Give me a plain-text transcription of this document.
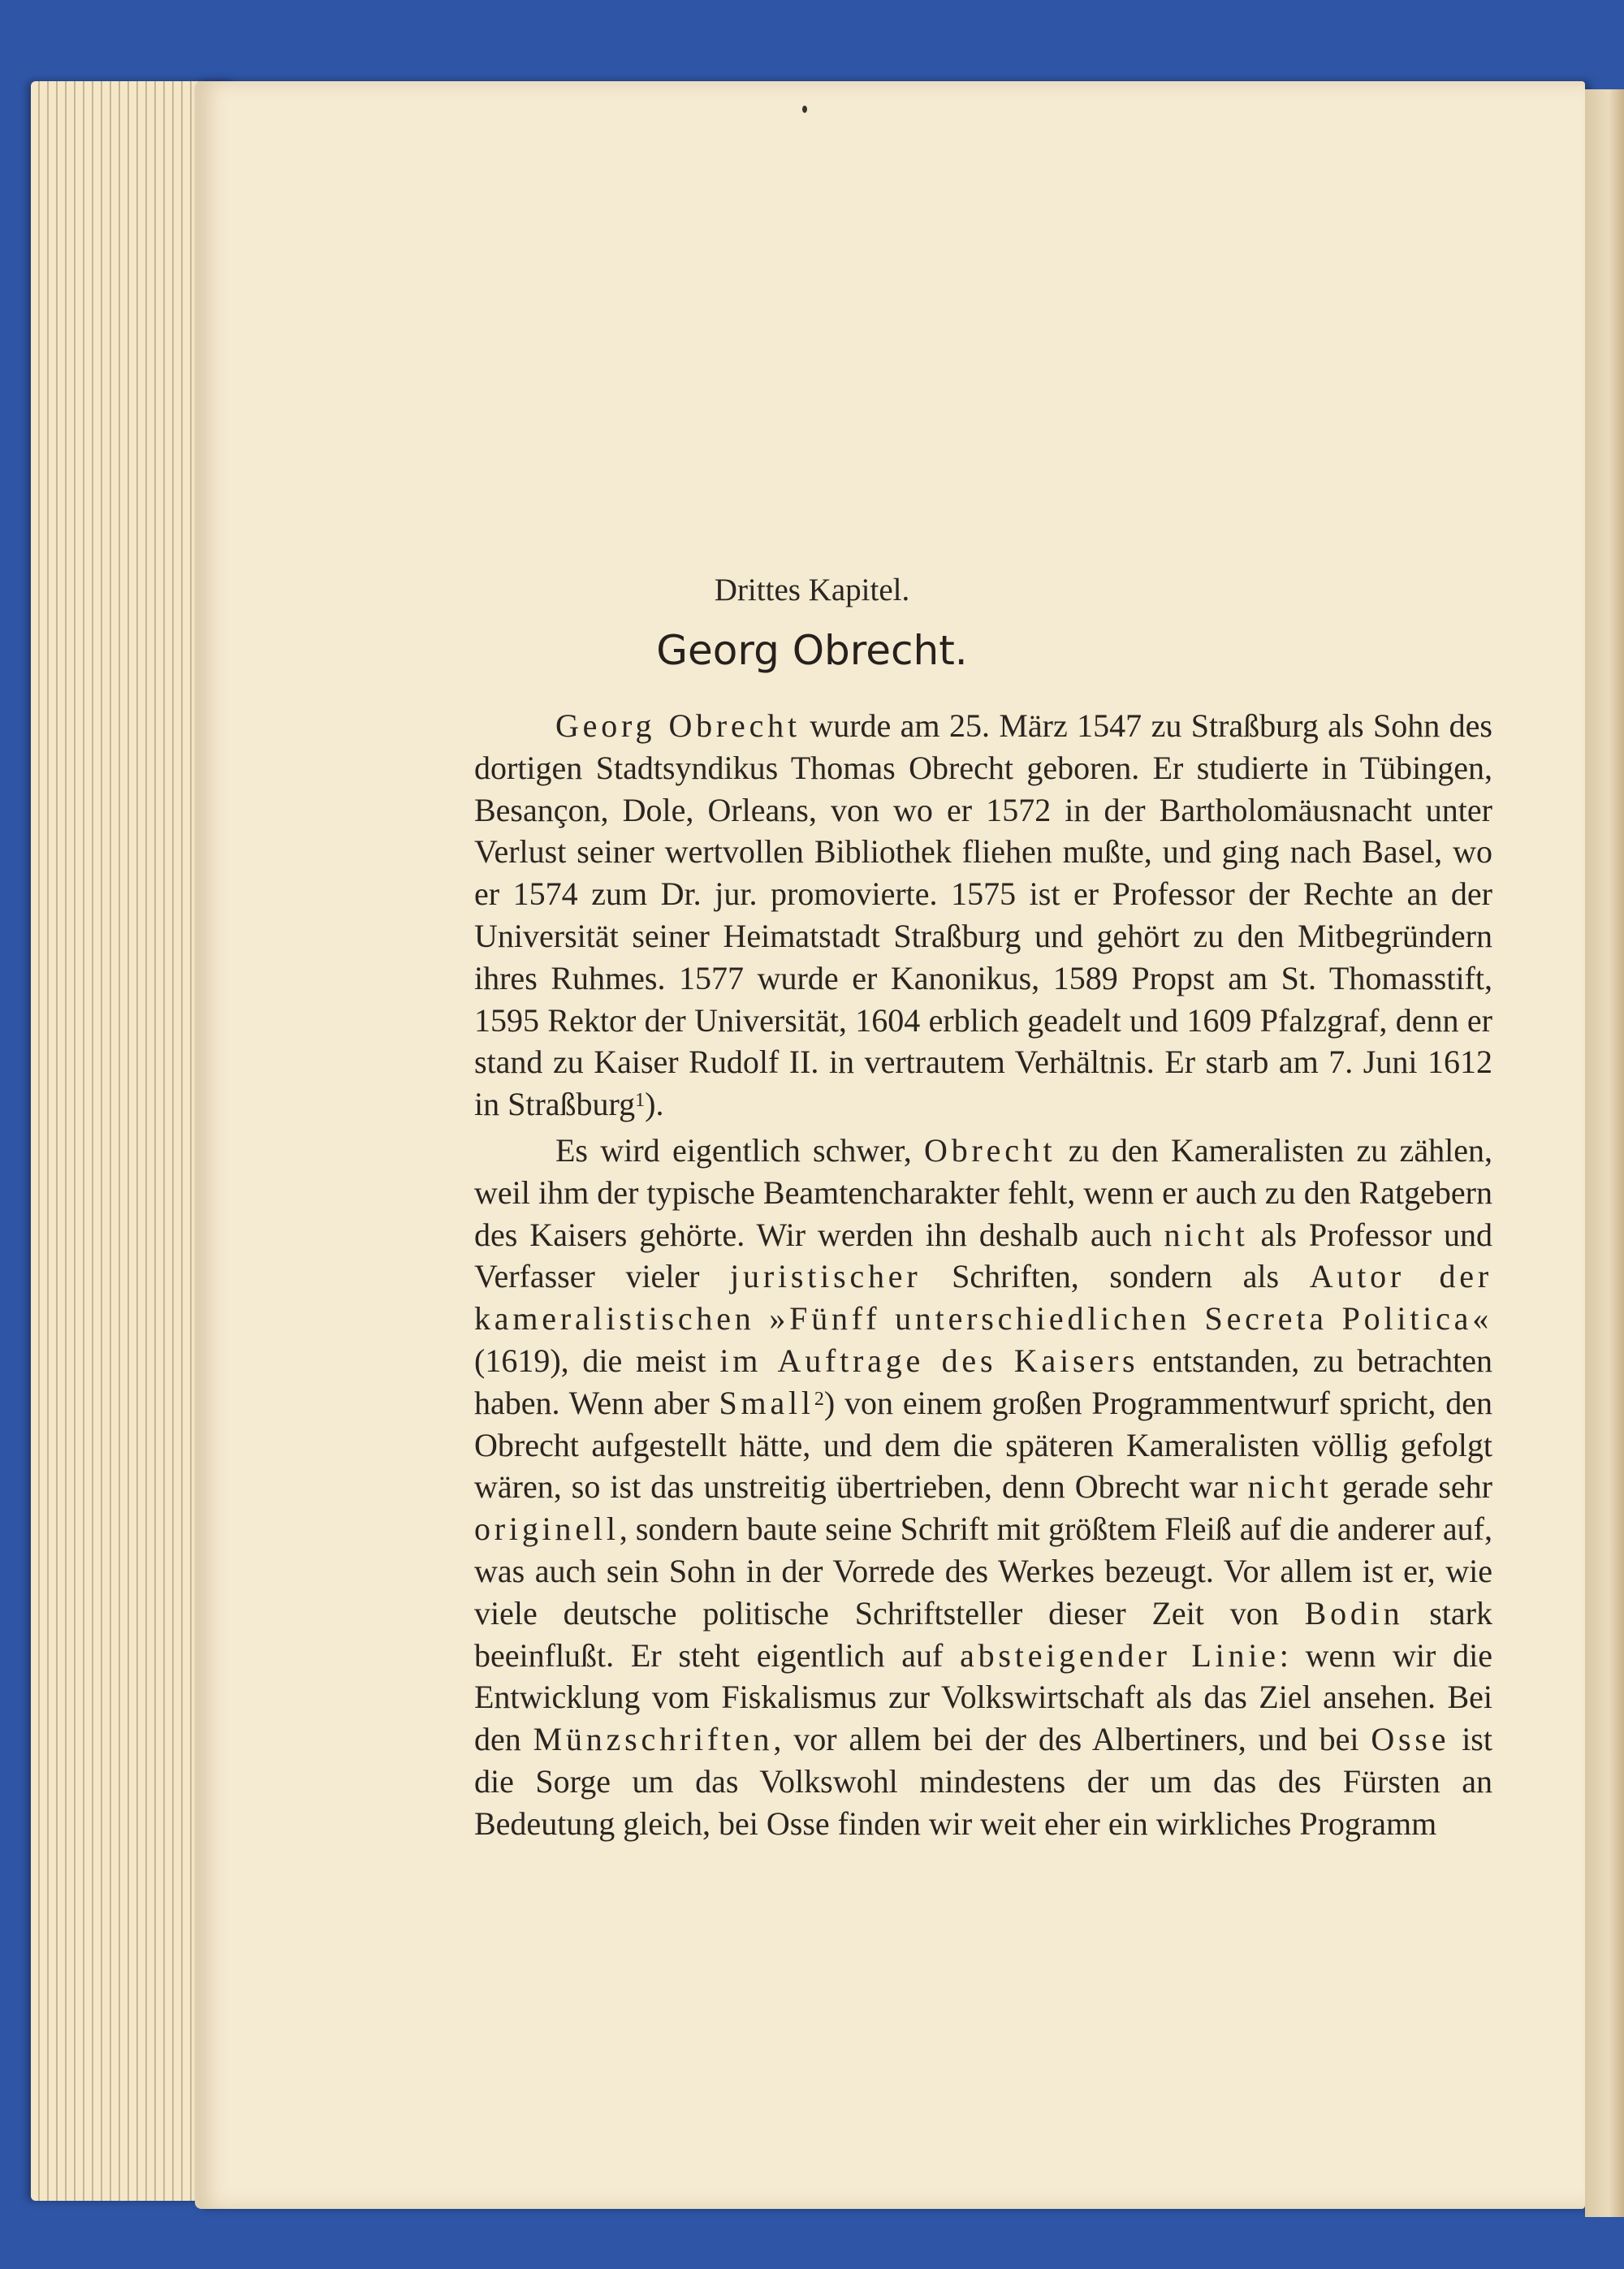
Drittes Kapitel.
Georg Obrecht.

Georg Obrecht wurde am 25. März 1547 zu Straßburg als Sohn des dortigen Stadtsyndikus Thomas Obrecht geboren. Er studierte in Tübingen, Besançon, Dole, Orleans, von wo er 1572 in der Bartholomäusnacht unter Verlust seiner wertvollen Bibliothek fliehen mußte, und ging nach Basel, wo er 1574 zum Dr. jur. promovierte. 1575 ist er Professor der Rechte an der Universität seiner Heimatstadt Straßburg und gehört zu den Mitbegründern ihres Ruhmes. 1577 wurde er Kanonikus, 1589 Propst am St. Thomasstift, 1595 Rektor der Universität, 1604 erblich geadelt und 1609 Pfalzgraf, denn er stand zu Kaiser Rudolf II. in vertrautem Verhältnis. Er starb am 7. Juni 1612 in Straßburg$^1$).

Es wird eigentlich schwer, Obrecht zu den Kameralisten zu zählen, weil ihm der typische Beamtencharakter fehlt, wenn er auch zu den Ratgebern des Kaisers gehörte. Wir werden ihn deshalb auch nicht als Professor und Verfasser vieler juristischer Schriften, sondern als Autor der kameralistischen »Fünff unterschiedlichen Secreta Politica« (1619), die meist im Auftrage des Kaisers entstanden, zu betrachten haben. Wenn aber Small$^2$) von einem großen Programmentwurf spricht, den Obrecht aufgestellt hätte, und dem die späteren Kameralisten völlig gefolgt wären, so ist das unstreitig übertrieben, denn Obrecht war nicht gerade sehr originell, sondern baute seine Schrift mit größtem Fleiß auf die anderer auf, was auch sein Sohn in der Vorrede des Werkes bezeugt. Vor allem ist er, wie viele deutsche politische Schriftsteller dieser Zeit von Bodin stark beeinflußt. Er steht eigentlich auf absteigender Linie: wenn wir die Entwicklung vom Fiskalismus zur Volkswirtschaft als das Ziel ansehen. Bei den Münzschriften, vor allem bei der des Albertiners, und bei Osse ist die Sorge um das Volkswohl mindestens der um das des Fürsten an Bedeutung gleich, bei Osse finden wir weit eher ein wirkliches Programm
